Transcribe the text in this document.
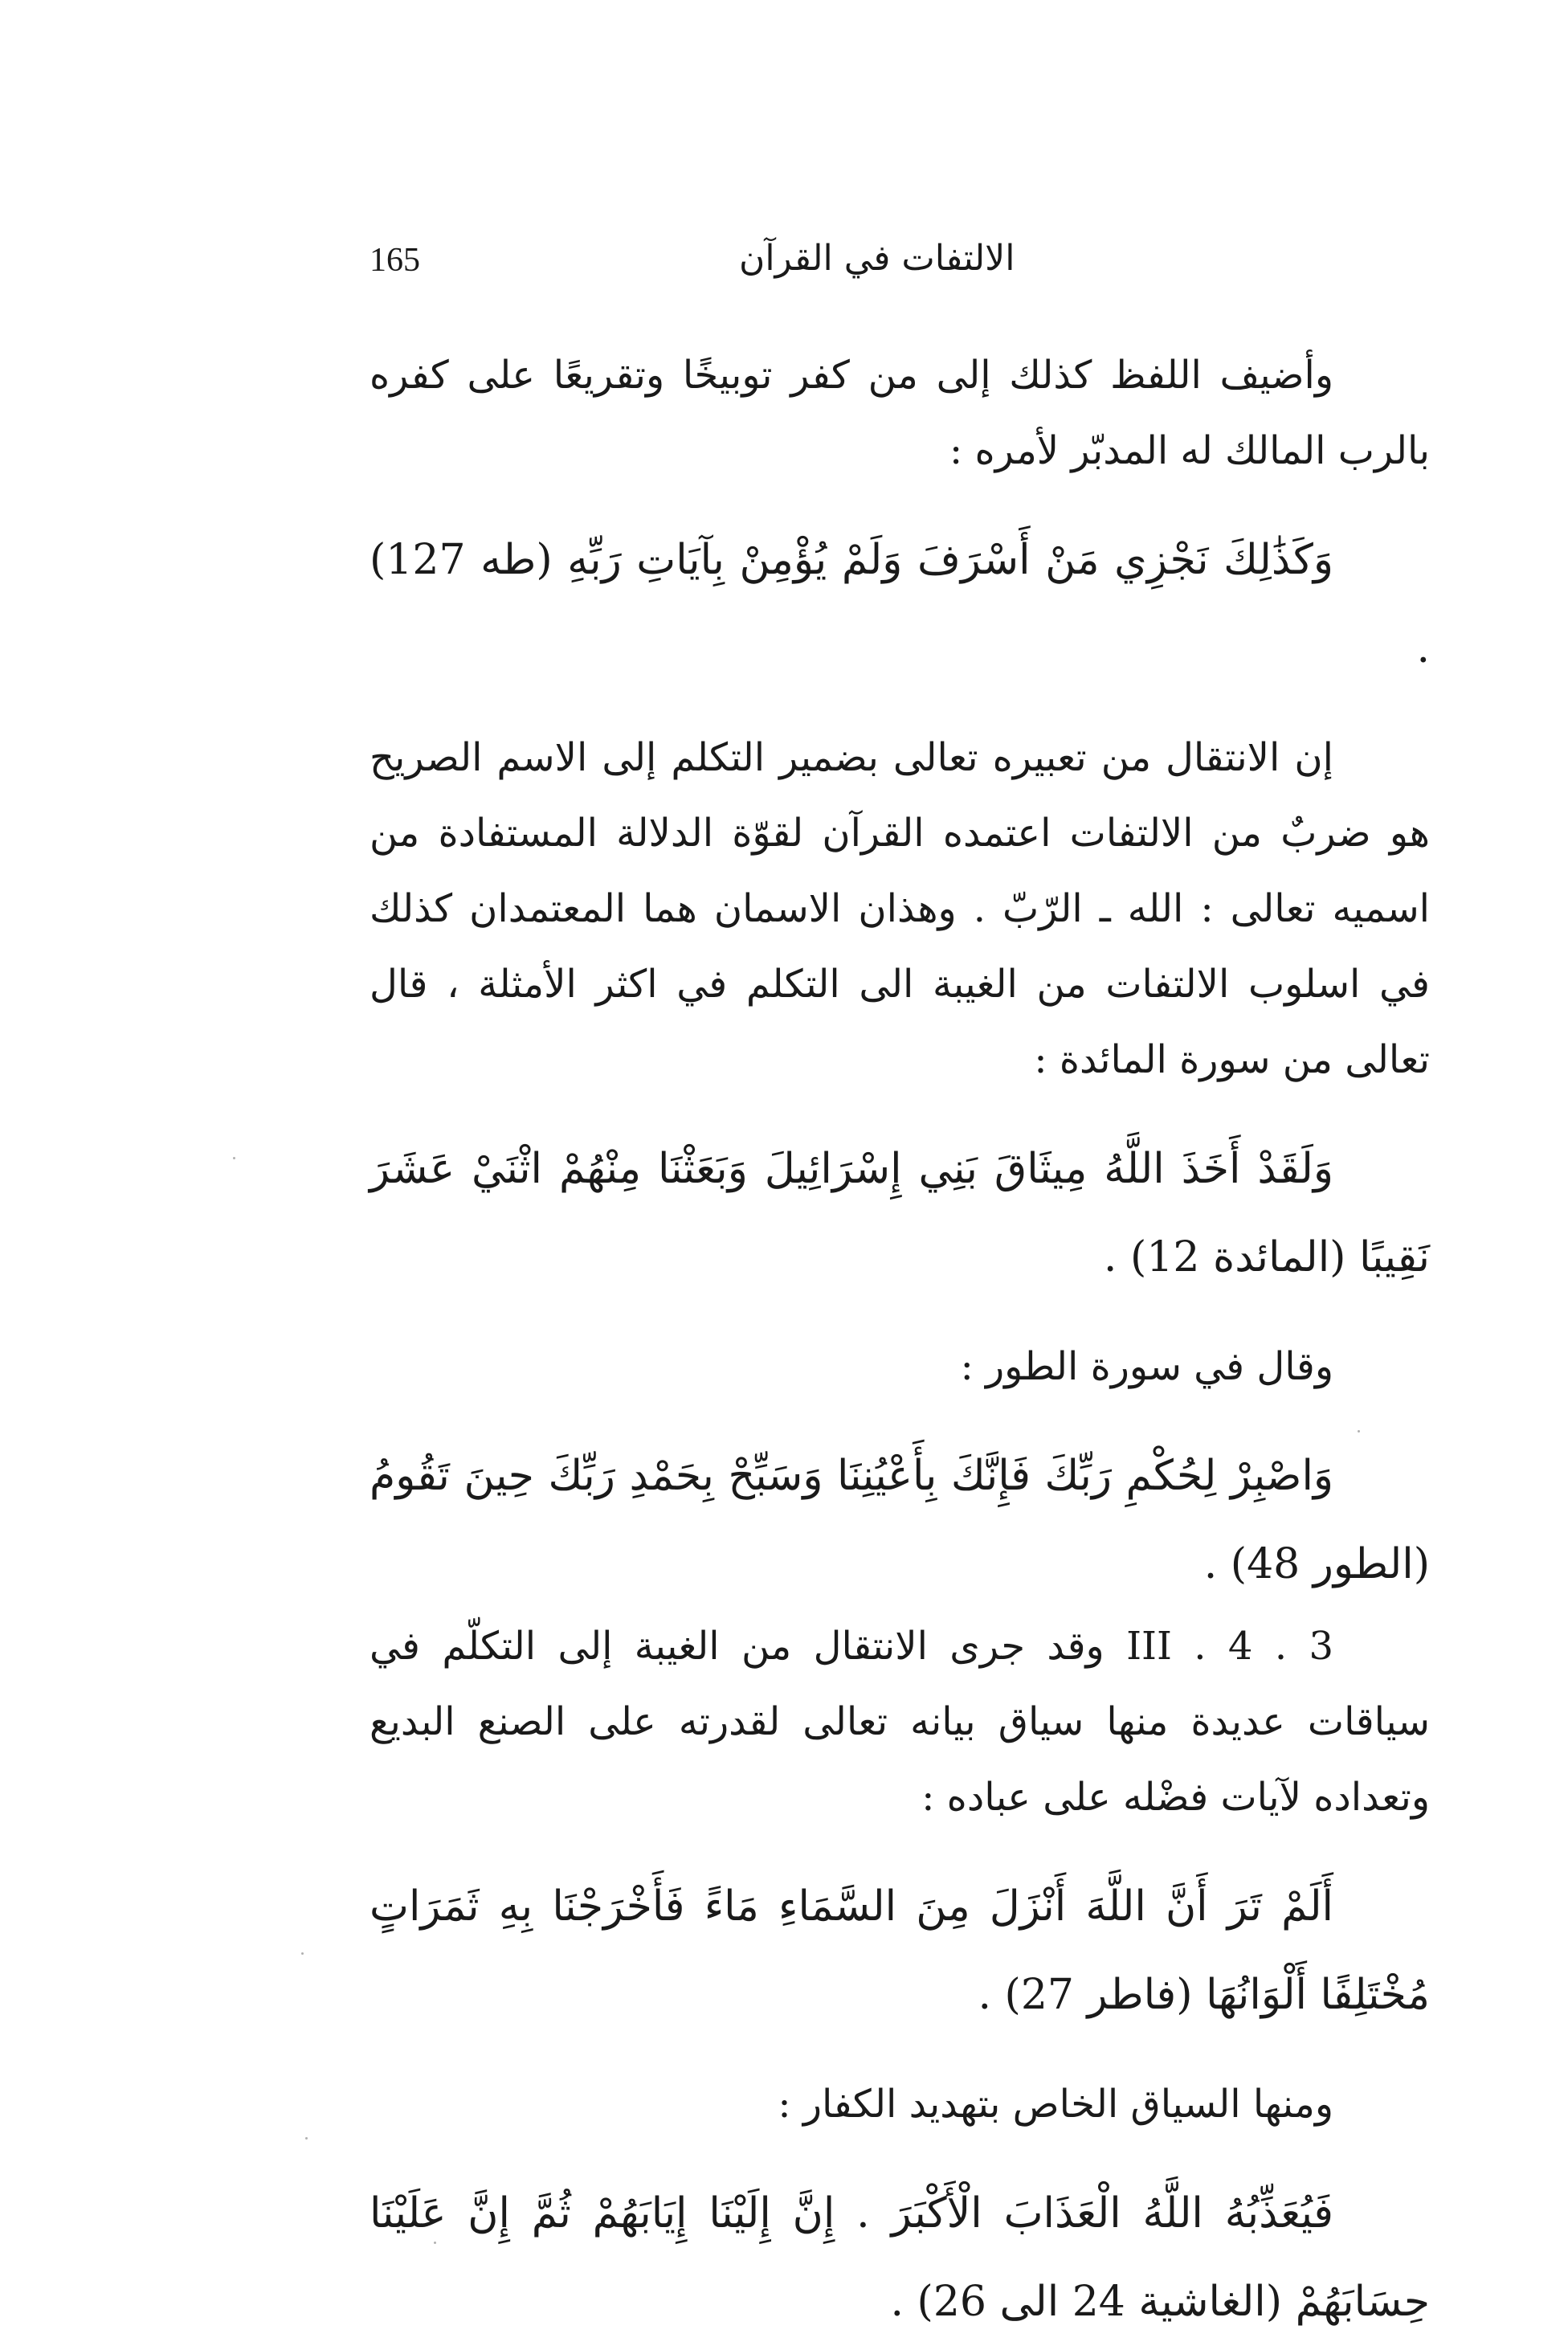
165	الالتفات في القرآن

وأضيف اللفظ كذلك إلى من كفر توبيخًا وتقريعًا على كفره بالرب المالك له المدبّر لأمره :

وَكَذَٰلِكَ نَجْزِي مَنْ أَسْرَفَ وَلَمْ يُؤْمِنْ بِآيَاتِ رَبِّهِ (طه 127) .

إن الانتقال من تعبيره تعالى بضمير التكلم إلى الاسم الصريح هو ضربٌ من الالتفات اعتمده القرآن لقوّة الدلالة المستفادة من اسميه تعالى : الله ـ الرّبّ . وهذان الاسمان هما المعتمدان كذلك في اسلوب الالتفات من الغيبة الى التكلم في اكثر الأمثلة ، قال تعالى من سورة المائدة :

وَلَقَدْ أَخَذَ اللَّهُ مِيثَاقَ بَنِي إِسْرَائِيلَ وَبَعَثْنَا مِنْهُمْ اثْنَيْ عَشَرَ نَقِيبًا (المائدة 12) .

وقال في سورة الطور :

وَاصْبِرْ لِحُكْمِ رَبِّكَ فَإِنَّكَ بِأَعْيُنِنَا وَسَبِّحْ بِحَمْدِ رَبِّكَ حِينَ تَقُومُ (الطور 48) .

III . 4 . 3 وقد جرى الانتقال من الغيبة إلى التكلّم في سياقات عديدة منها سياق بيانه تعالى لقدرته على الصنع البديع وتعداده لآيات فضْله على عباده :

أَلَمْ تَرَ أَنَّ اللَّهَ أَنْزَلَ مِنَ السَّمَاءِ مَاءً فَأَخْرَجْنَا بِهِ ثَمَرَاتٍ مُخْتَلِفًا أَلْوَانُهَا (فاطر 27) .

ومنها السياق الخاص بتهديد الكفار :

فَيُعَذِّبُهُ اللَّهُ الْعَذَابَ الْأَكْبَرَ . إِنَّ إِلَيْنَا إِيَابَهُمْ ثُمَّ إِنَّ عَلَيْنَا حِسَابَهُمْ (الغاشية 24 الى 26) .
